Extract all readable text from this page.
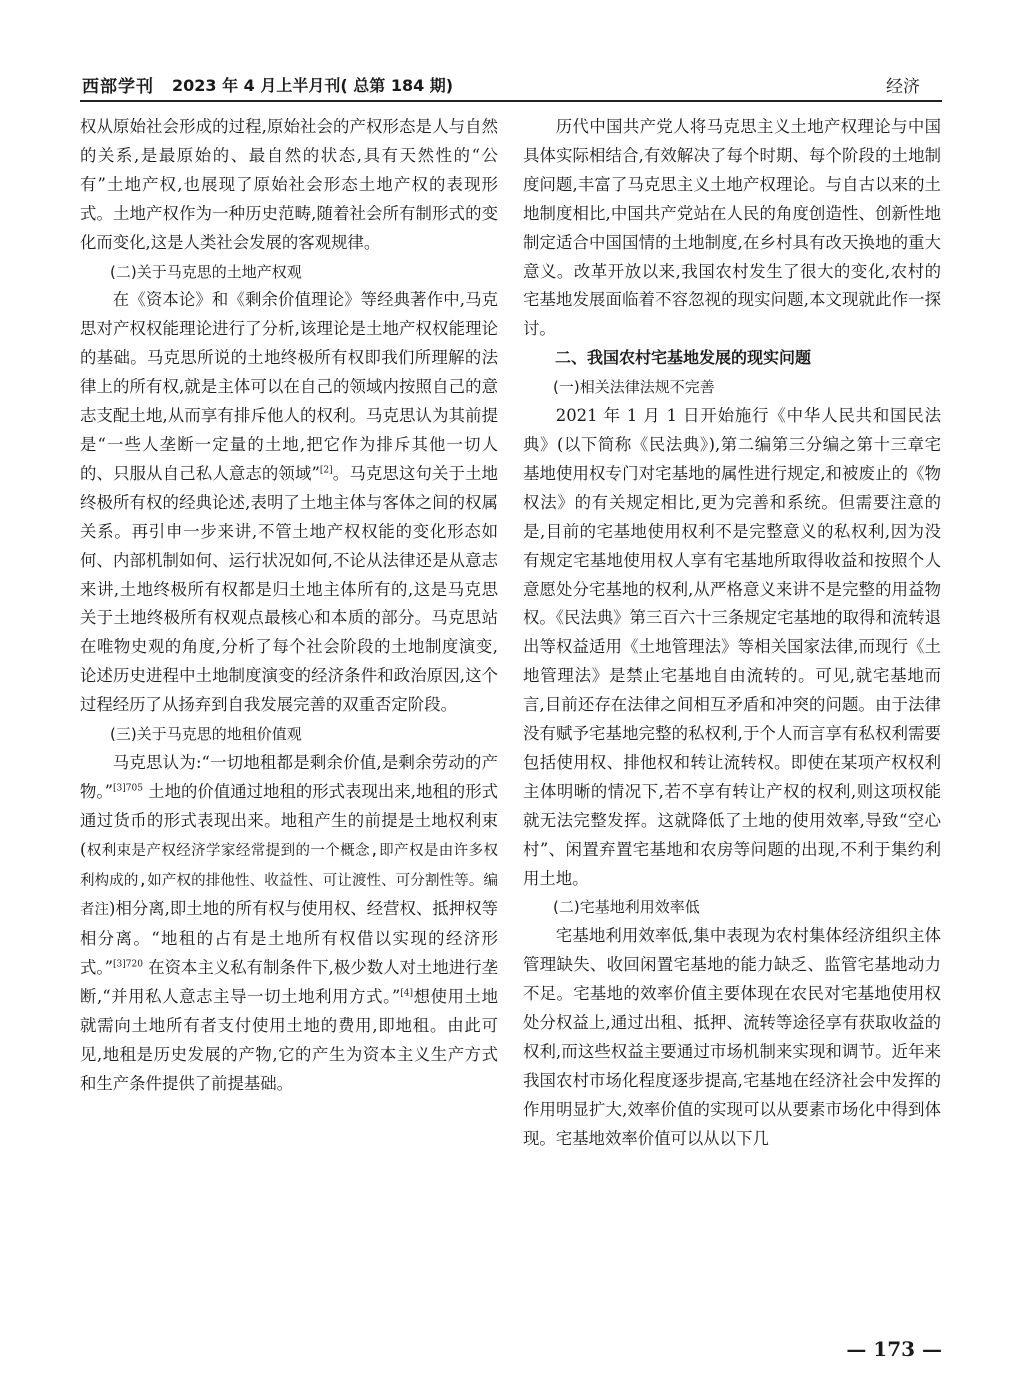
西部学刊 2023 年 4 月上半月刊( 总第 184 期)	经济

权从原始社会形成的过程,原始社会的产权形态是人与自然的关系,是最原始的、最自然的状态,具有天然性的“公有”土地产权,也展现了原始社会形态土地产权的表现形式。土地产权作为一种历史范畴,随着社会所有制形式的变化而变化,这是人类社会发展的客观规律。

(二)关于马克思的土地产权观

在《资本论》和《剩余价值理论》等经典著作中,马克思对产权权能理论进行了分析,该理论是土地产权权能理论的基础。马克思所说的土地终极所有权即我们所理解的法律上的所有权,就是主体可以在自己的领域内按照自己的意志支配土地,从而享有排斥他人的权利。马克思认为其前提是“一些人垄断一定量的土地,把它作为排斥其他一切人的、只服从自己私人意志的领域”[2]。马克思这句关于土地终极所有权的经典论述,表明了土地主体与客体之间的权属关系。再引申一步来讲,不管土地产权权能的变化形态如何、内部机制如何、运行状况如何,不论从法律还是从意志来讲,土地终极所有权都是归土地主体所有的,这是马克思关于土地终极所有权观点最核心和本质的部分。马克思站在唯物史观的角度,分析了每个社会阶段的土地制度演变,论述历史进程中土地制度演变的经济条件和政治原因,这个过程经历了从扬弃到自我发展完善的双重否定阶段。

(三)关于马克思的地租价值观

马克思认为:“一切地租都是剩余价值,是剩余劳动的产物。”$^{[3]705}$ 土地的价值通过地租的形式表现出来,地租的形式通过货币的形式表现出来。地租产生的前提是土地权利束(权利束是产权经济学家经常提到的一个概念,即产权是由许多权利构成的,如产权的排他性、收益性、可让渡性、可分割性等。编者注)相分离,即土地的所有权与使用权、经营权、抵押权等相分离。“地租的占有是土地所有权借以实现的经济形式。”$^{[3]720}$ 在资本主义私有制条件下,极少数人对土地进行垄断,“并用私人意志主导一切土地利用方式。”[4]想使用土地就需向土地所有者支付使用土地的费用,即地租。由此可见,地租是历史发展的产物,它的产生为资本主义生产方式和生产条件提供了前提基础。

历代中国共产党人将马克思主义土地产权理论与中国具体实际相结合,有效解决了每个时期、每个阶段的土地制度问题,丰富了马克思主义土地产权理论。与自古以来的土地制度相比,中国共产党站在人民的角度创造性、创新性地制定适合中国国情的土地制度,在乡村具有改天换地的重大意义。改革开放以来,我国农村发生了很大的变化,农村的宅基地发展面临着不容忽视的现实问题,本文现就此作一探讨。

二、我国农村宅基地发展的现实问题

(一)相关法律法规不完善

2021 年 1 月 1 日开始施行《中华人民共和国民法典》(以下简称《民法典》),第二编第三分编之第十三章宅基地使用权专门对宅基地的属性进行规定,和被废止的《物权法》的有关规定相比,更为完善和系统。但需要注意的是,目前的宅基地使用权利不是完整意义的私权利,因为没有规定宅基地使用权人享有宅基地所取得收益和按照个人意愿处分宅基地的权利,从严格意义来讲不是完整的用益物权。《民法典》第三百六十三条规定宅基地的取得和流转退出等权益适用《土地管理法》等相关国家法律,而现行《土地管理法》是禁止宅基地自由流转的。可见,就宅基地而言,目前还存在法律之间相互矛盾和冲突的问题。由于法律没有赋予宅基地完整的私权利,于个人而言享有私权利需要包括使用权、排他权和转让流转权。即使在某项产权权利主体明晰的情况下,若不享有转让产权的权利,则这项权能就无法完整发挥。这就降低了土地的使用效率,导致“空心村”、闲置弃置宅基地和农房等问题的出现,不利于集约利用土地。

(二)宅基地利用效率低

宅基地利用效率低,集中表现为农村集体经济组织主体管理缺失、收回闲置宅基地的能力缺乏、监管宅基地动力不足。宅基地的效率价值主要体现在农民对宅基地使用权处分权益上,通过出租、抵押、流转等途径享有获取收益的权利,而这些权益主要通过市场机制来实现和调节。近年来我国农村市场化程度逐步提高,宅基地在经济社会中发挥的作用明显扩大,效率价值的实现可以从要素市场化中得到体现。宅基地效率价值可以从以下几

— 173 —
